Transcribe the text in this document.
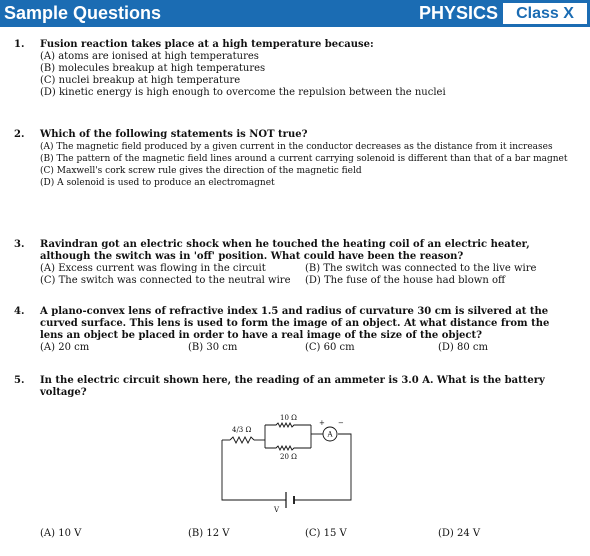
Sample Questions	PHYSICS	Class X
1. Fusion reaction takes place at a high temperature because:
(A) atoms are ionised at high temperatures
(B) molecules breakup at high temperatures
(C) nuclei breakup at high temperature
(D) kinetic energy is high enough to overcome the repulsion between the nuclei
2. Which of the following statements is NOT true?
(A) The magnetic field produced by a given current in the conductor decreases as the distance from it increases
(B) The pattern of the magnetic field lines around a current carrying solenoid is different than that of a bar magnet
(C) Maxwell's cork screw rule gives the direction of the magnetic field
(D) A solenoid is used to produce an electromagnet
3. Ravindran got an electric shock when he touched the heating coil of an electric heater, although the switch was in 'off' position. What could have been the reason?
(A) Excess current was flowing in the circuit	(B) The switch was connected to the live wire
(C) The switch was connected to the neutral wire (D) The fuse of the house had blown off
4. A plano-convex lens of refractive index 1.5 and radius of curvature 30 cm is silvered at the curved surface. This lens is used to form the image of an object. At what distance from the lens an object be placed in order to have a real image of the size of the object?
(A) 20 cm	(B) 30 cm	(C) 60 cm	(D) 80 cm
5. In the electric circuit shown here, the reading of an ammeter is 3.0 A. What is the battery voltage?
4/3 Ω
10 Ω
20 Ω
A
+ −
V
(A) 10 V	(B) 12 V	(C) 15 V	(D) 24 V
